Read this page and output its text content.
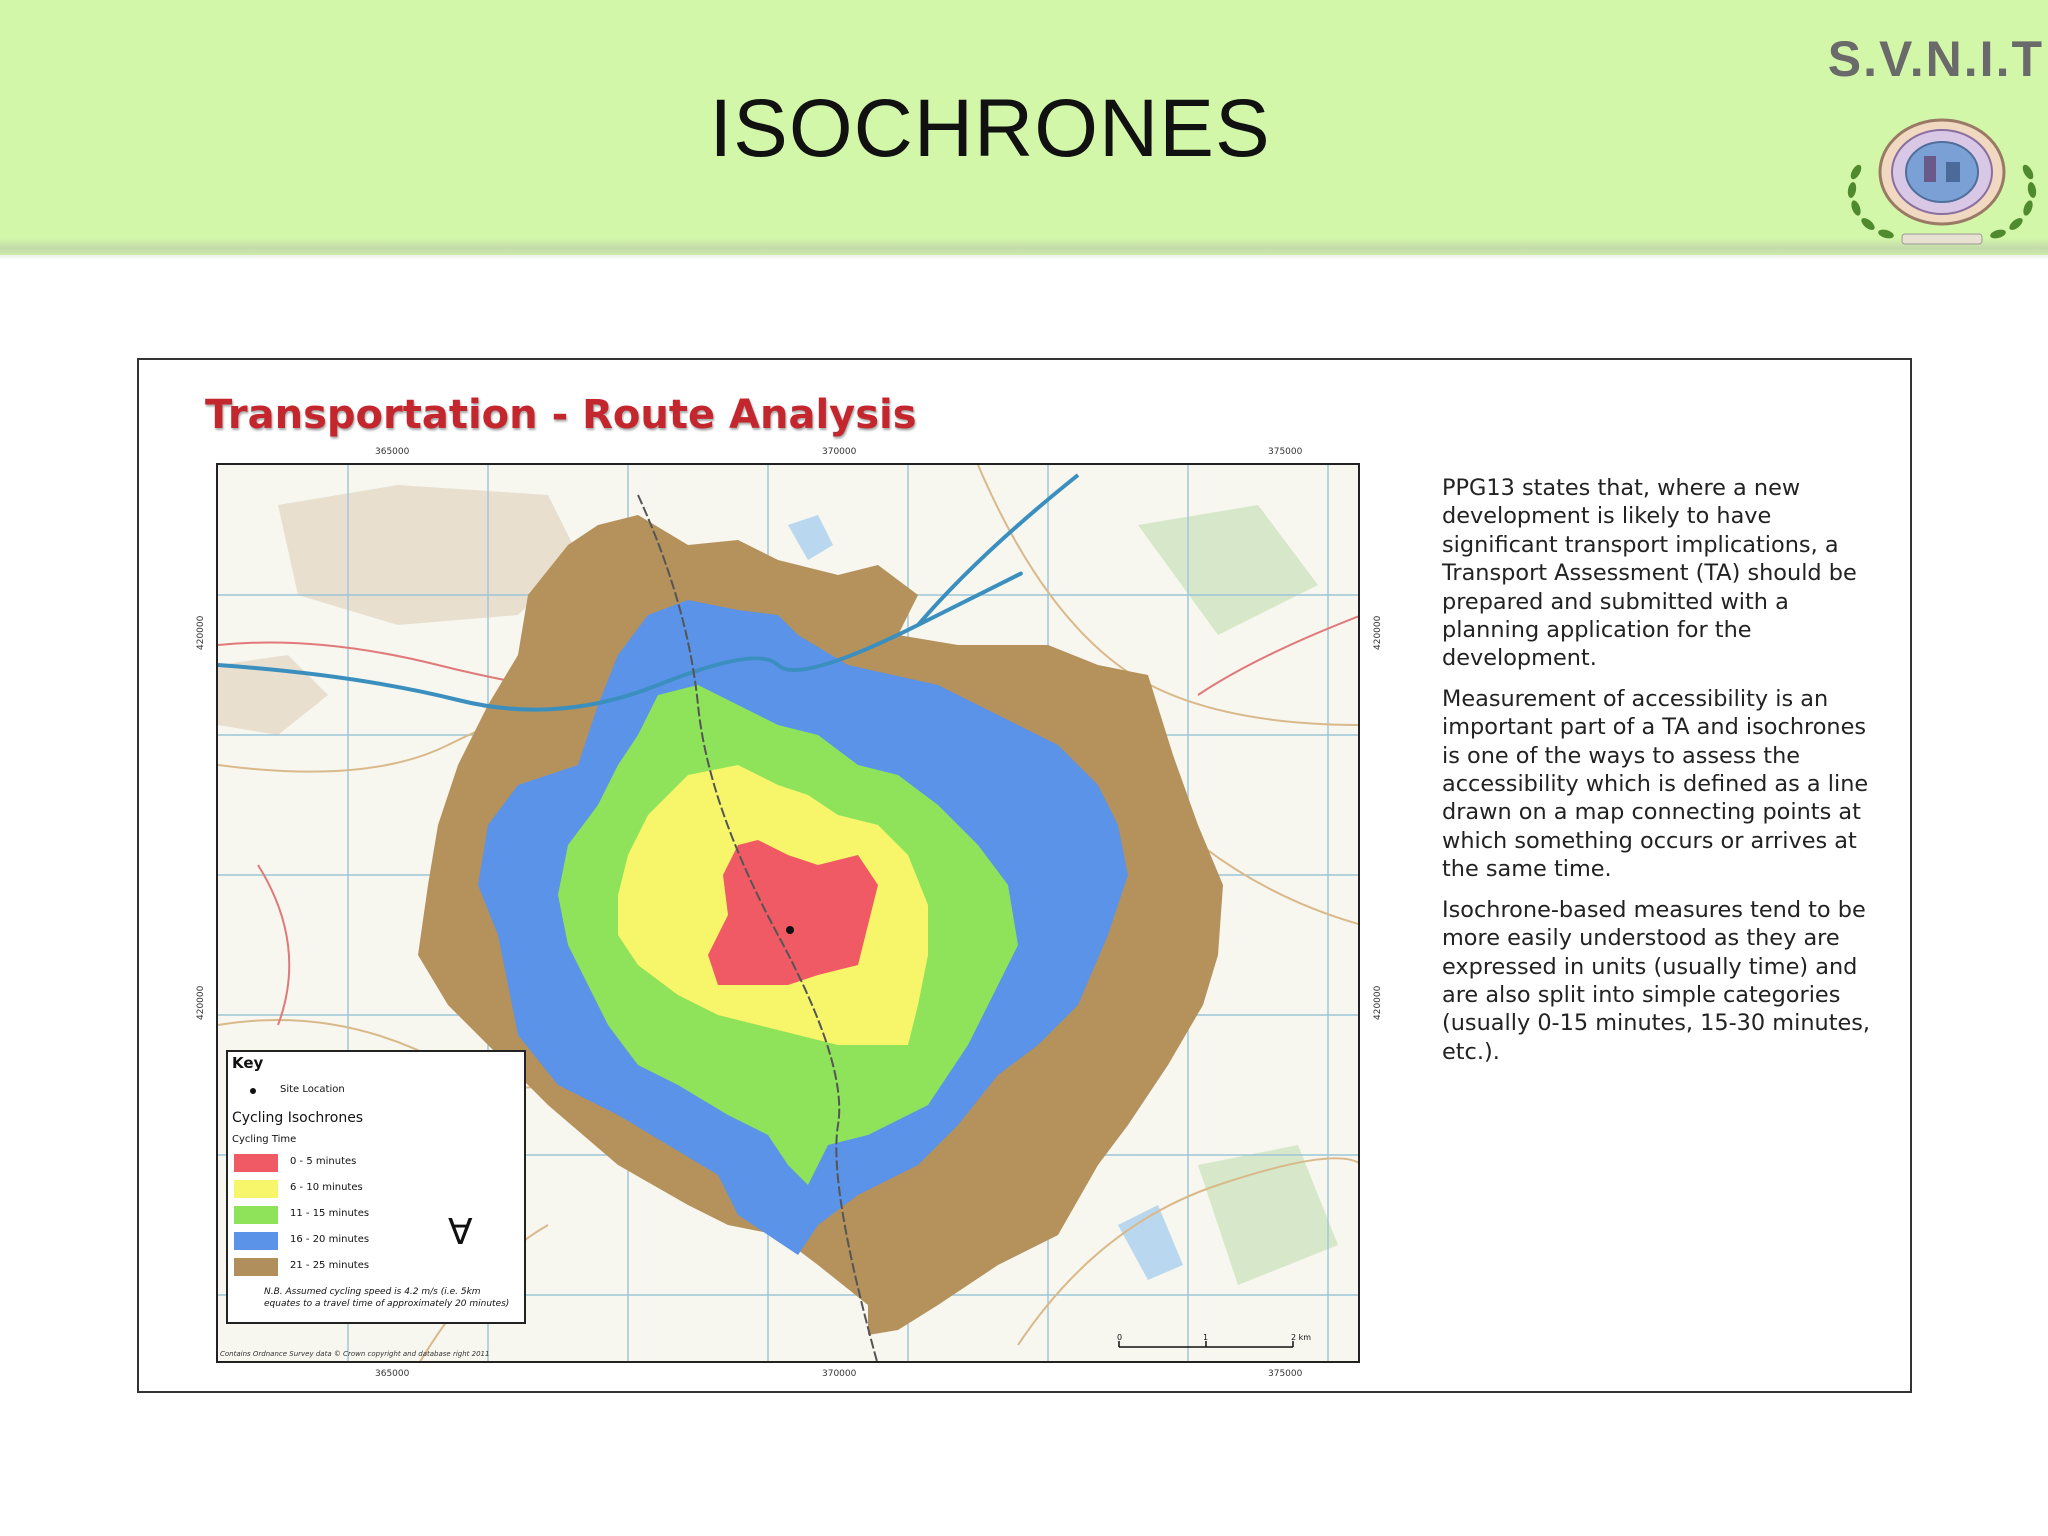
ISOCHRONES
S.V.N.I.T
Transportation - Route Analysis
365000	370000	375000
365000	370000	375000
420000
420000
420000
420000
Key
Site Location
Cycling Isochrones
Cycling Time
0 - 5 minutes
6 - 10 minutes
11 - 15 minutes
16 - 20 minutes
21 - 25 minutes
N.B. Assumed cycling speed is 4.2 m/s (i.e. 5km equates to a travel time of approximately 20 minutes)
Ɐ
0	1	2 km
Contains Ordnance Survey data © Crown copyright and database right 2011

PPG13 states that, where a new development is likely to have significant transport implications, a Transport Assessment (TA) should be prepared and submitted with a planning application for the development.

Measurement of accessibility is an important part of a TA and isochrones is one of the ways to assess the accessibility which is defined as a line drawn on a map connecting points at which something occurs or arrives at the same time.

Isochrone-based measures tend to be more easily understood as they are expressed in units (usually time) and are also split into simple categories (usually 0-15 minutes, 15-30 minutes, etc.).
